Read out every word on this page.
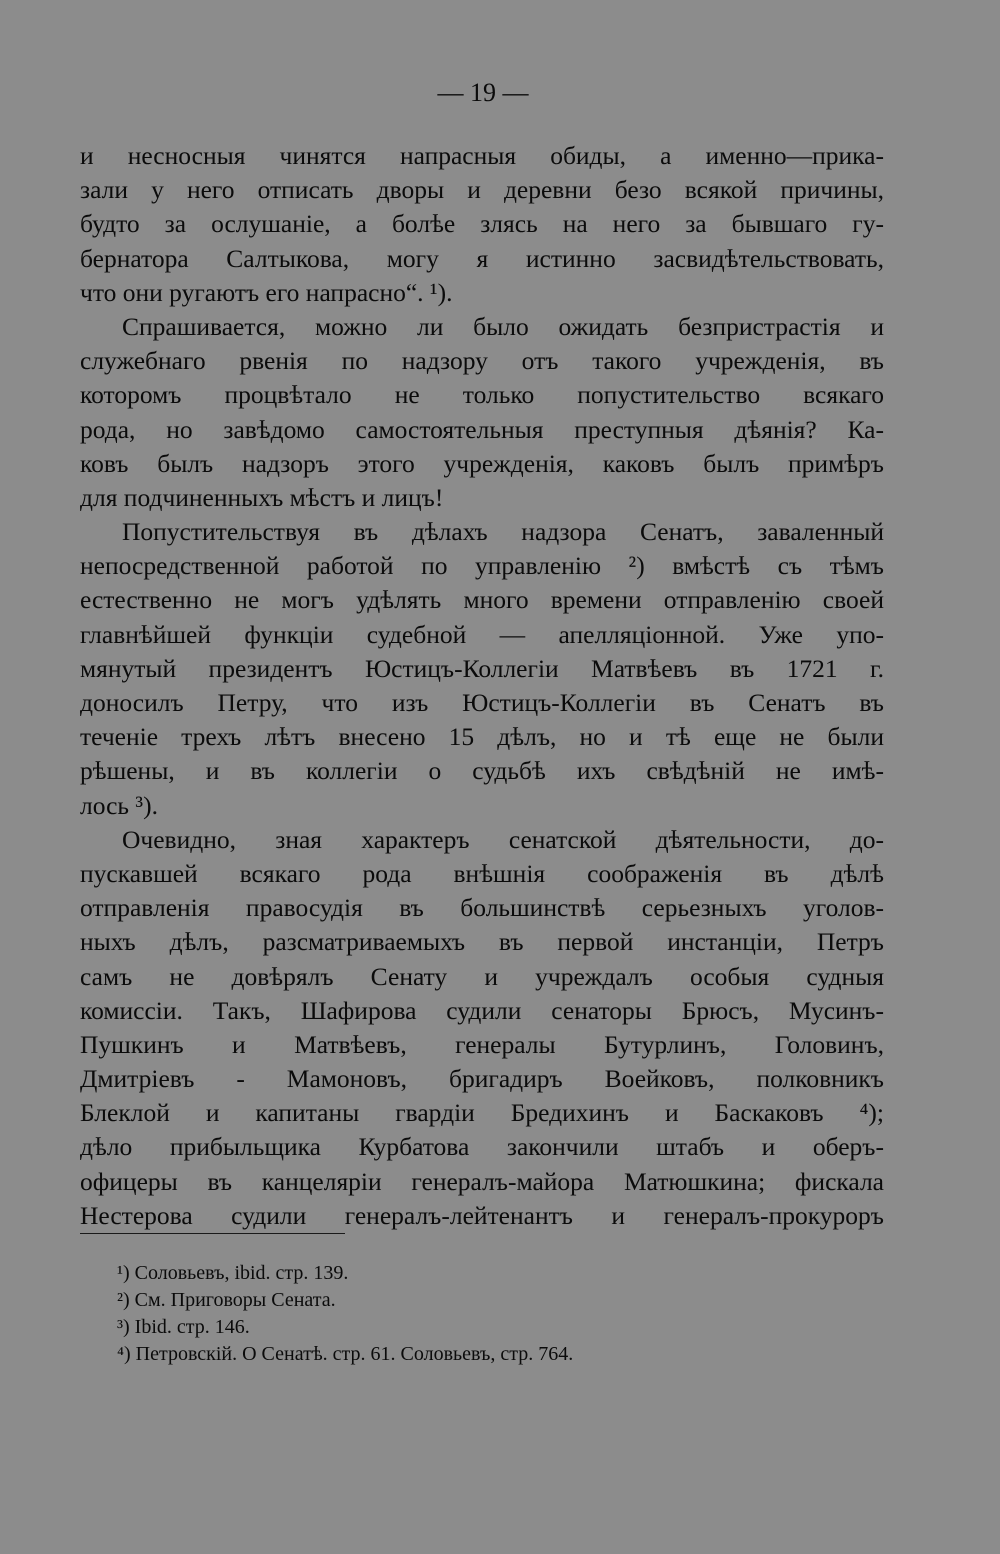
— 19 —
и несносныя чинятся напрасныя обиды, а именно—прика-
зали у него отписать дворы и деревни безо всякой причины,
будто за ослушаніе, а болѣе злясь на него за бывшаго гу-
бернатора Салтыкова, могу я истинно засвидѣтельствовать,
что они ругаютъ его напрасно“. ¹).
Спрашивается, можно ли было ожидать безпристрастія и
служебнаго рвенія по надзору отъ такого учрежденія, въ
которомъ процвѣтало не только попустительство всякаго
рода, но завѣдомо самостоятельныя преступныя дѣянія? Ка-
ковъ былъ надзоръ этого учрежденія, каковъ былъ примѣръ
для подчиненныхъ мѣстъ и лицъ!
Попустительствуя въ дѣлахъ надзора Сенатъ, заваленный
непосредственной работой по управленію ²) вмѣстѣ съ тѣмъ
естественно не могъ удѣлять много времени отправленію своей
главнѣйшей функціи судебной — апелляціонной. Уже упо-
мянутый президентъ Юстицъ-Коллегіи Матвѣевъ въ 1721 г.
доносилъ Петру, что изъ Юстицъ-Коллегіи въ Сенатъ въ
теченіе трехъ лѣтъ внесено 15 дѣлъ, но и тѣ еще не были
рѣшены, и въ коллегіи о судьбѣ ихъ свѣдѣній не имѣ-
лось ³).
Очевидно, зная характеръ сенатской дѣятельности, до-
пускавшей всякаго рода внѣшнія соображенія въ дѣлѣ
отправленія правосудія въ большинствѣ серьезныхъ уголов-
ныхъ дѣлъ, разсматриваемыхъ въ первой инстанціи, Петръ
самъ не довѣрялъ Сенату и учреждалъ особыя судныя
комиссіи. Такъ, Шафирова судили сенаторы Брюсъ, Мусинъ-
Пушкинъ и Матвѣевъ, генералы Бутурлинъ, Головинъ,
Дмитріевъ - Мамоновъ, бригадиръ Воейковъ, полковникъ
Блеклой и капитаны гвардіи Бредихинъ и Баскаковъ ⁴);
дѣло прибыльщика Курбатова закончили штабъ и оберъ-
офицеры въ канцеляріи генералъ-майора Матюшкина; фискала
Нестерова судили генералъ-лейтенантъ и генералъ-прокуроръ
¹) Соловьевъ, ibid. стр. 139.
²) См. Приговоры Сената.
³) Ibid. стр. 146.
⁴) Петровскій. О Сенатѣ. стр. 61. Соловьевъ, стр. 764.
